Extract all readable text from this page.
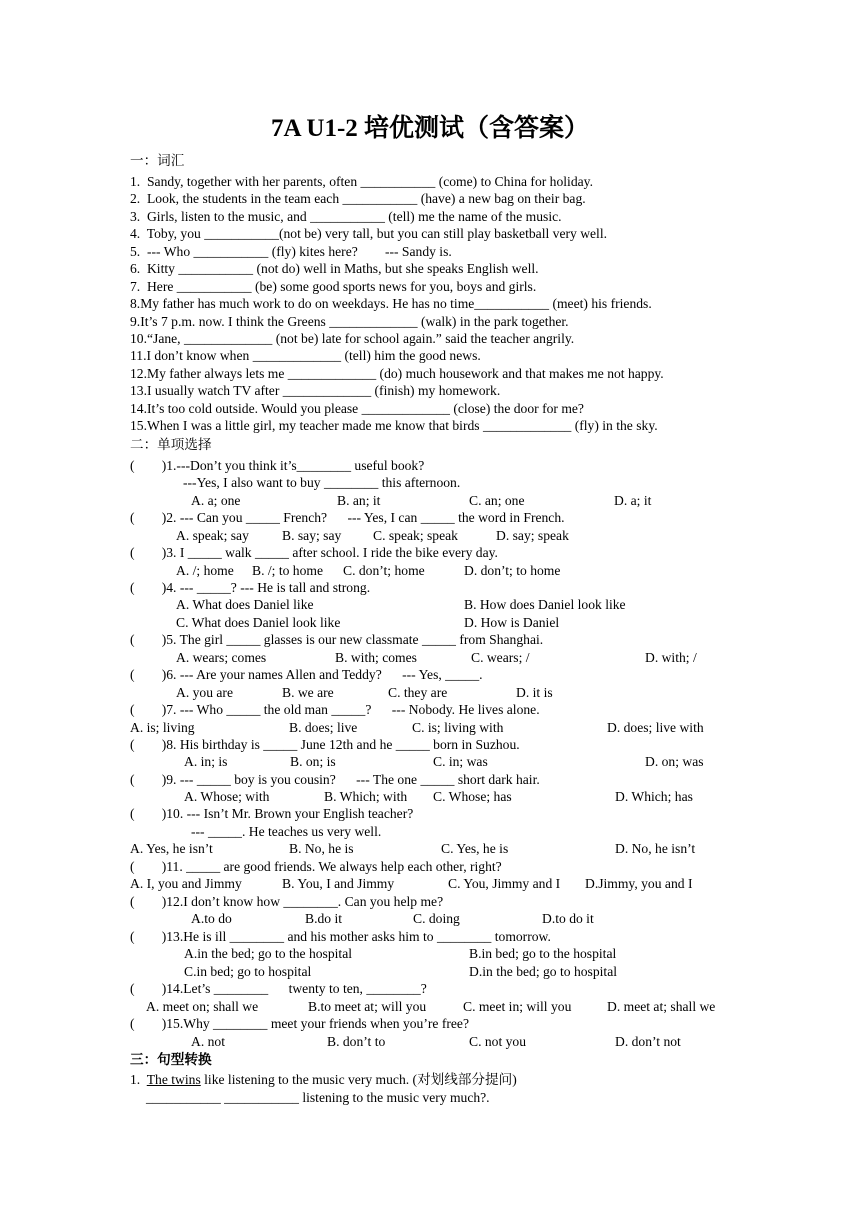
7A U1-2 培优测试（含答案）
一：词汇
1.  Sandy, together with her parents, often ___________ (come) to China for holiday.
2.  Look, the students in the team each ___________ (have) a new bag on their bag.
3.  Girls, listen to the music, and ___________ (tell) me the name of the music.
4.  Toby, you ___________(not be) very tall, but you can still play basketball very well.
5.  --- Who ___________ (fly) kites here?        --- Sandy is.
6.  Kitty ___________ (not do) well in Maths, but she speaks English well.
7.  Here ___________ (be) some good sports news for you, boys and girls.
8.My father has much work to do on weekdays. He has no time___________ (meet) his friends.
9.It’s 7 p.m. now. I think the Greens _____________ (walk) in the park together.
10.“Jane, _____________ (not be) late for school again.” said the teacher angrily.
11.I don’t know when _____________ (tell) him the good news.
12.My father always lets me _____________ (do) much housework and that makes me not happy.
13.I usually watch TV after _____________ (finish) my homework.
14.It’s too cold outside. Would you please _____________ (close) the door for me?
15.When I was a little girl, my teacher made me know that birds _____________ (fly) in the sky.
二：单项选择
(        )1.---Don’t you think it’s________ useful book?
---Yes, I also want to buy ________ this afternoon.
A. a; one	B. an; it	C. an; one	D. a; it
(        )2. --- Can you _____ French?      --- Yes, I can _____ the word in French.
A. speak; say B. say; say C. speak; speak	D. say; speak
(        )3. I _____ walk _____ after school. I ride the bike every day.
A. /; home B. /; to home C. don’t; home	D. don’t; to home
(        )4. --- _____? --- He is tall and strong.
A. What does Daniel like	B. How does Daniel look like
C. What does Daniel look like	D. How is Daniel
(        )5. The girl _____ glasses is our new classmate _____ from Shanghai.
A. wears; comes	B. with; comes	C. wears; /	D. with; /
(        )6. --- Are your names Allen and Teddy?      --- Yes, _____.
A. you are	B. we are	C. they are	D. it is
(        )7. --- Who _____ the old man _____?      --- Nobody. He lives alone.
A. is; living	B. does; live	C. is; living with	D. does; live with
(        )8. His birthday is _____ June 12th and he _____ born in Suzhou.
A. in; is	B. on; is	C. in; was	D. on; was
(        )9. --- _____ boy is you cousin?      --- The one _____ short dark hair.
A. Whose; with	B. Which; with C. Whose; has	D. Which; has
(        )10. --- Isn’t Mr. Brown your English teacher?
--- _____. He teaches us very well.
A. Yes, he isn’t	B. No, he is	C. Yes, he is	D. No, he isn’t
(        )11. _____ are good friends. We always help each other, right?
A. I, you and Jimmy	B. You, I and Jimmy	C. You, Jimmy and I D.Jimmy, you and I
(        )12.I don’t know how ________. Can you help me?
A.to do	B.do it	C. doing	D.to do it
(        )13.He is ill ________ and his mother asks him to ________ tomorrow.
A.in the bed; go to the hospital	B.in bed; go to the hospital
C.in bed; go to hospital	D.in the bed; go to hospital
(        )14.Let’s ________      twenty to ten, ________?
A. meet on; shall we	B.to meet at; will you	C. meet in; will you	D. meet at; shall we
(        )15.Why ________ meet your friends when you’re free?
A. not	B. don’t to	C. not you	D. don’t not
三：句型转换
1.  The twins like listening to the music very much. (对划线部分提问)
___________ ___________ listening to the music very much?.
